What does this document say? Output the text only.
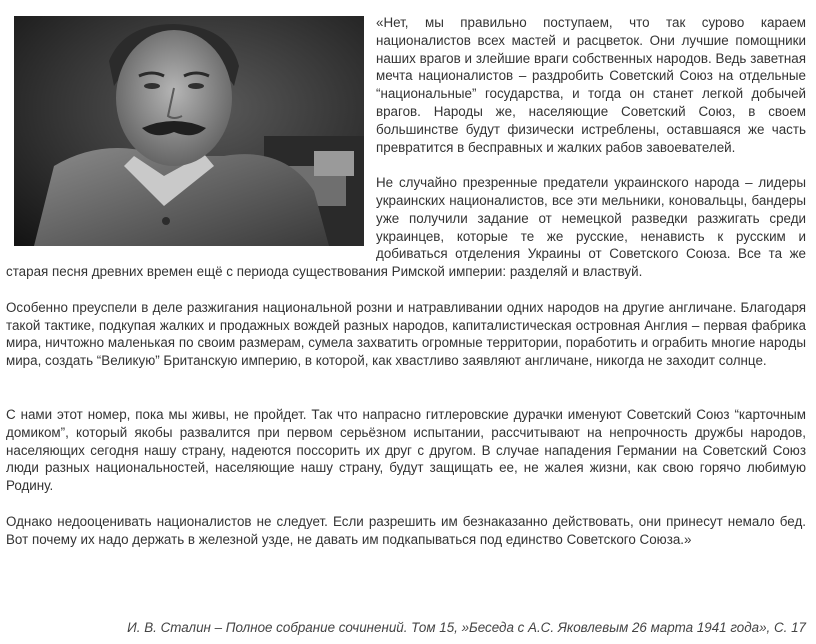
«Нет, мы правильно поступаем, что так сурово караем националистов всех мастей и расцветок. Они лучшие помощники наших врагов и злейшие враги собственных народов. Ведь заветная мечта националистов – раздробить Советский Союз на отдельные “национальные” государства, и тогда он станет легкой добычей врагов. Народы же, населяющие Советский Союз, в своем большинстве будут физически истреблены, оставшаяся же часть превратится в бесправных и жалких рабов завоевателей.

Не случайно презренные предатели украинского народа – лидеры украинских националистов, все эти мельники, коновальцы, бандеры уже получили задание от немецкой разведки разжигать среди украинцев, которые те же русские, ненависть к русским и добиваться отделения Украины от Советского Союза. Все та же старая песня древних времен ещё с периода существования Римской империи: разделяй и властвуй.

Особенно преуспели в деле разжигания национальной розни и натравливании одних народов на другие англичане. Благодаря такой тактике, подкупая жалких и продажных вождей разных народов, капиталистическая островная Англия – первая фабрика мира, ничтожно маленькая по своим размерам, сумела захватить огромные территории, поработить и ограбить многие народы мира, создать “Великую” Британскую империю, в которой, как хвастливо заявляют англичане, никогда не заходит солнце.

С нами этот номер, пока мы живы, не пройдет. Так что напрасно гитлеровские дурачки именуют Советский Союз “карточным домиком”, который якобы развалится при первом серьёзном испытании, рассчитывают на непрочность дружбы народов, населяющих сегодня нашу страну, надеются поссорить их друг с другом. В случае нападения Германии на Советский Союз люди разных национальностей, населяющие нашу страну, будут защищать ее, не жалея жизни, как свою горячо любимую Родину.

Однако недооценивать националистов не следует. Если разрешить им безнаказанно действовать, они принесут немало бед. Вот почему их надо держать в железной узде, не давать им подкапываться под единство Советского Союза.»

И. В. Сталин – Полное собрание сочинений. Том 15, »Беседа с А.С. Яковлевым 26 марта 1941 года», С. 17
